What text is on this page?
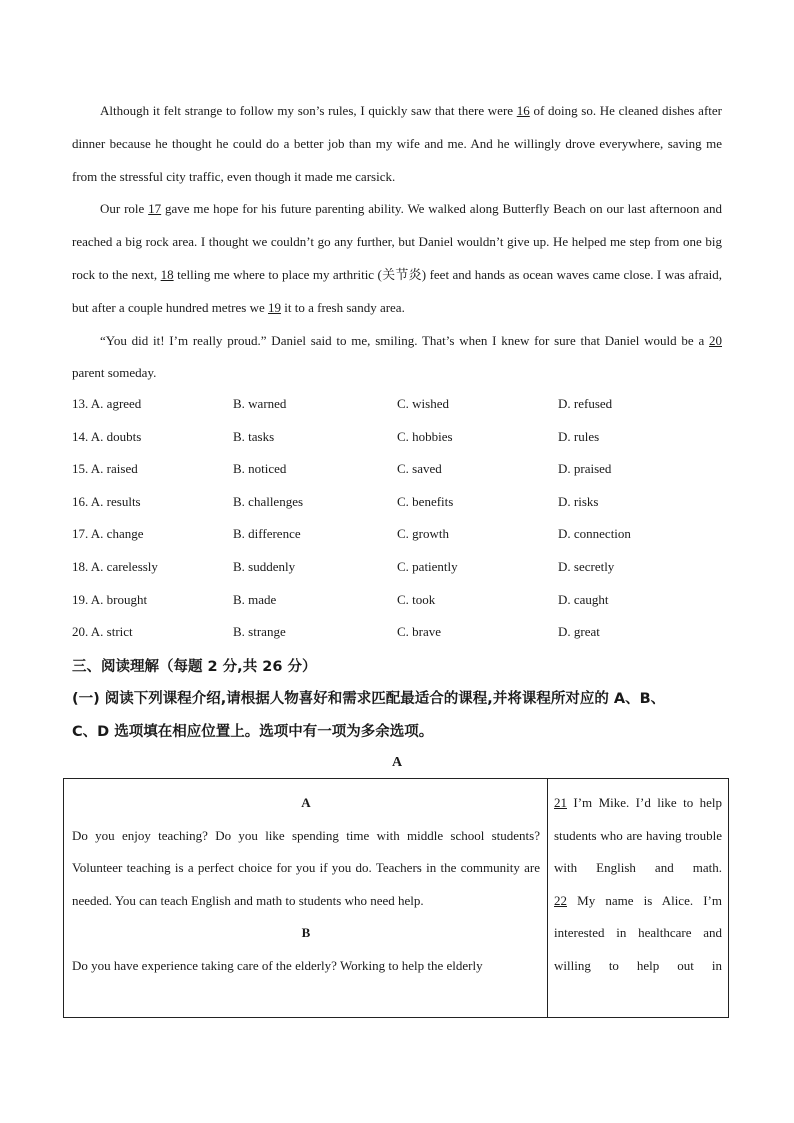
Although it felt strange to follow my son’s rules, I quickly saw that there were 16 of doing so. He cleaned dishes after dinner because he thought he could do a better job than my wife and me. And he willingly drove everywhere, saving me from the stressful city traffic, even though it made me carsick.

Our role 17 gave me hope for his future parenting ability. We walked along Butterfly Beach on our last afternoon and reached a big rock area. I thought we couldn’t go any further, but Daniel wouldn’t give up. He helped me step from one big rock to the next, 18 telling me where to place my arthritic (关节炎) feet and hands as ocean waves came close. I was afraid, but after a couple hundred metres we 19 it to a fresh sandy area.

“You did it! I’m really proud.” Daniel said to me, smiling. That’s when I knew for sure that Daniel would be a 20 parent someday.

13. A. agreed	B. warned	C. wished	D. refused
14. A. doubts	B. tasks	C. hobbies	D. rules
15. A. raised	B. noticed	C. saved	D. praised
16. A. results	B. challenges	C. benefits	D. risks
17. A. change	B. difference	C. growth	D. connection
18. A. carelessly	B. suddenly	C. patiently	D. secretly
19. A. brought	B. made	C. took	D. caught
20. A. strict	B. strange	C. brave	D. great
三、阅读理解（每题 2 分,共 26 分）
(一) 阅读下列课程介绍,请根据人物喜好和需求匹配最适合的课程,并将课程所对应的 A、B、
C、D 选项填在相应位置上。选项中有一项为多余选项。
A

A

Do you enjoy teaching? Do you like spending time with middle school students? Volunteer teaching is a perfect choice for you if you do. Teachers in the community are needed. You can teach English and math to students who need help.

B

Do you have experience taking care of the elderly? Working to help the elderly

21 I’m Mike. I’d like to help students who are having trouble with English and math.

22 My name is Alice. I’m interested in healthcare and willing to help out in
